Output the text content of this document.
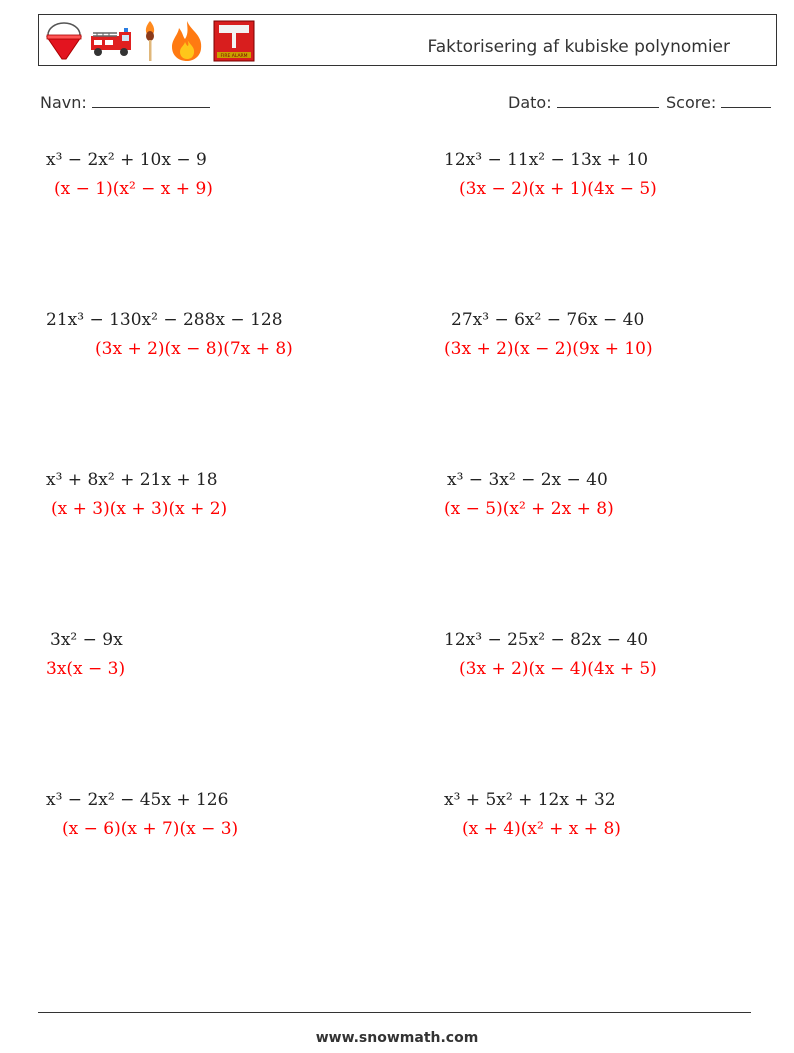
FIRE ALARM	Faktorisering af kubiske polynomier
Navn:	Dato:	Score:
x³ − 2x² + 10x − 9
(x − 1)(x² − x + 9)
21x³ − 130x² − 288x − 128
(3x + 2)(x − 8)(7x + 8)
x³ + 8x² + 21x + 18
(x + 3)(x + 3)(x + 2)
3x² − 9x
3x(x − 3)
x³ − 2x² − 45x + 126
(x − 6)(x + 7)(x − 3)
12x³ − 11x² − 13x + 10
(3x − 2)(x + 1)(4x − 5)
27x³ − 6x² − 76x − 40
(3x + 2)(x − 2)(9x + 10)
x³ − 3x² − 2x − 40
(x − 5)(x² + 2x + 8)
12x³ − 25x² − 82x − 40
(3x + 2)(x − 4)(4x + 5)
x³ + 5x² + 12x + 32
(x + 4)(x² + x + 8)
www.snowmath.com
